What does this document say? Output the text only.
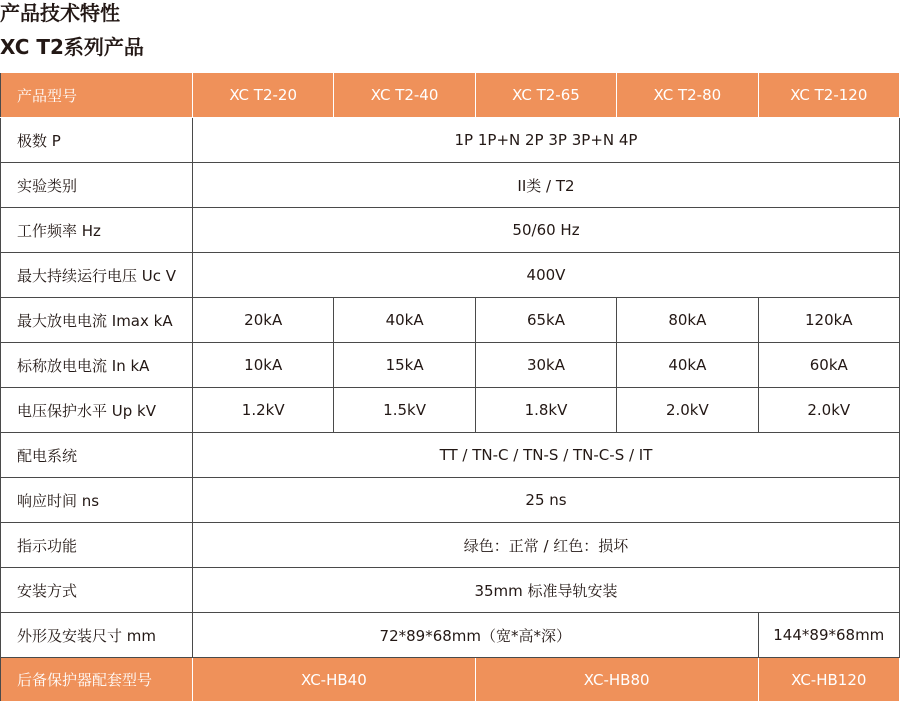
产品技术特性
XC T2系列产品
产品型号	XC T2-20	XC T2-40	XC T2-65	XC T2-80	XC T2-120
极数 P	1P 1P+N 2P 3P 3P+N 4P				
实验类别	II类 / T2				
工作频率 Hz	50/60 Hz				
最大持续运行电压 Uc V	400V				
最大放电电流 Imax kA	20kA	40kA	65kA	80kA	120kA
标称放电电流 In kA	10kA	15kA	30kA	40kA	60kA
电压保护水平 Up kV	1.2kV	1.5kV	1.8kV	2.0kV	2.0kV
配电系统	TT / TN-C / TN-S / TN-C-S / IT				
响应时间 ns	25 ns				
指示功能	绿色：正常 / 红色：损坏				
安装方式	35mm 标准导轨安装				
外形及安装尺寸 mm	72*89*68mm（宽*高*深）				144*89*68mm
后备保护器配套型号	XC-HB40		XC-HB80		XC-HB120
